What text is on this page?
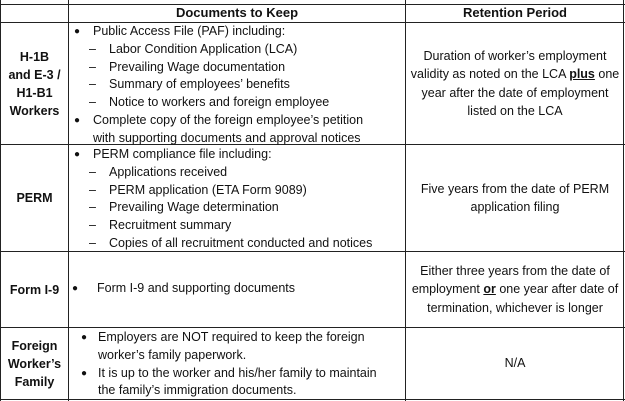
Documents to Keep	Retention Period
H-1B
and E-3 /
H1-B1
Workers
● Public Access File (PAF) including:
– Labor Condition Application (LCA)
– Prevailing Wage documentation
– Summary of employees’ benefits
– Notice to workers and foreign employee
● Complete copy of the foreign employee’s petition
with supporting documents and approval notices
Duration of worker’s employment validity as noted on the LCA plus one year after the date of employment listed on the LCA
PERM
● PERM compliance file including:
– Applications received
– PERM application (ETA Form 9089)
– Prevailing Wage determination
– Recruitment summary
– Copies of all recruitment conducted and notices
Five years from the date of PERM application filing
Form I-9 ● Form I-9 and supporting documents
Either three years from the date of employment or one year after date of termination, whichever is longer
Foreign
Worker’s
Family
● Employers are NOT required to keep the foreign
worker’s family paperwork.
● It is up to the worker and his/her family to maintain
the family’s immigration documents.
N/A
